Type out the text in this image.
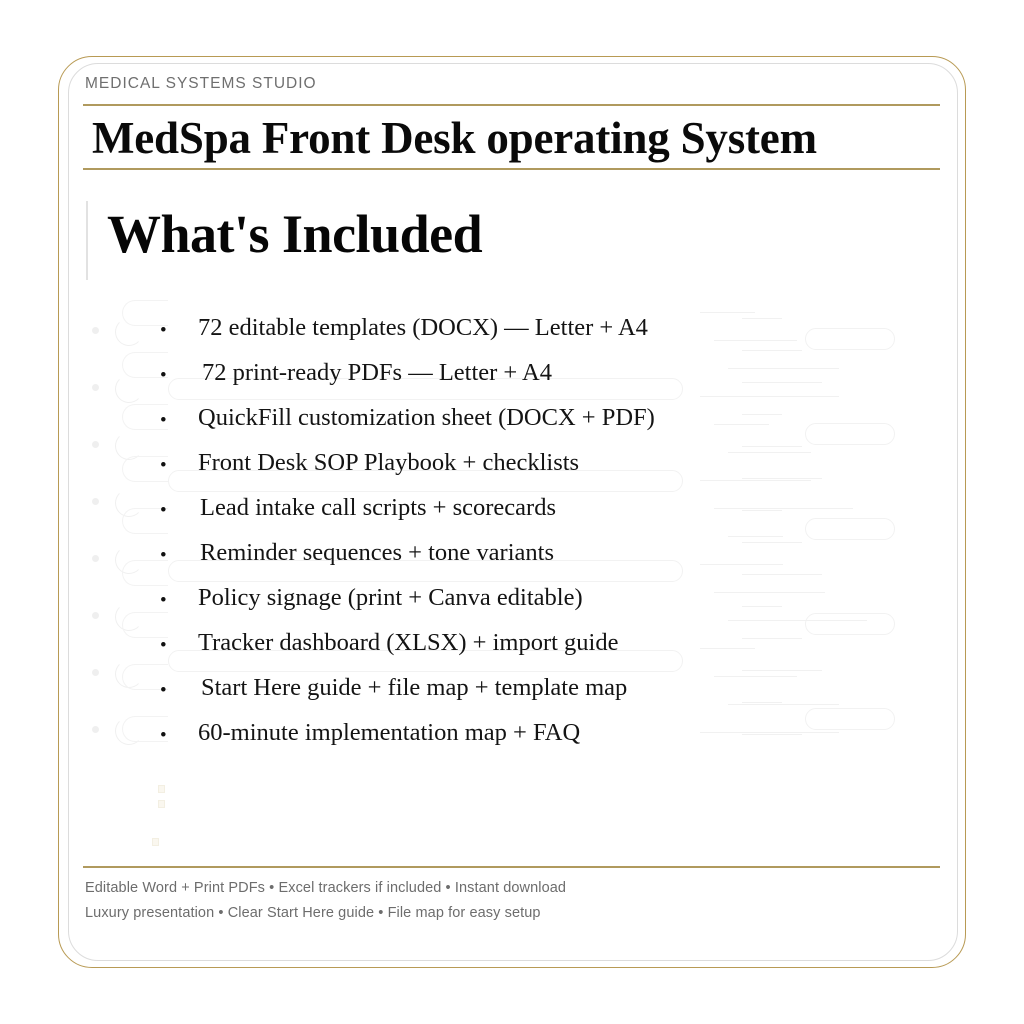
MEDICAL SYSTEMS STUDIO
MedSpa Front Desk operating System
What's Included
• 72 editable templates (DOCX) — Letter + A4
• 72 print-ready PDFs — Letter + A4
• QuickFill customization sheet (DOCX + PDF)
• Front Desk SOP Playbook + checklists
• Lead intake call scripts + scorecards
• Reminder sequences + tone variants
• Policy signage (print + Canva editable)
• Tracker dashboard (XLSX) + import guide
• Start Here guide + file map + template map
• 60-minute implementation map + FAQ
Editable Word + Print PDFs • Excel trackers if included • Instant download
Luxury presentation • Clear Start Here guide • File map for easy setup
